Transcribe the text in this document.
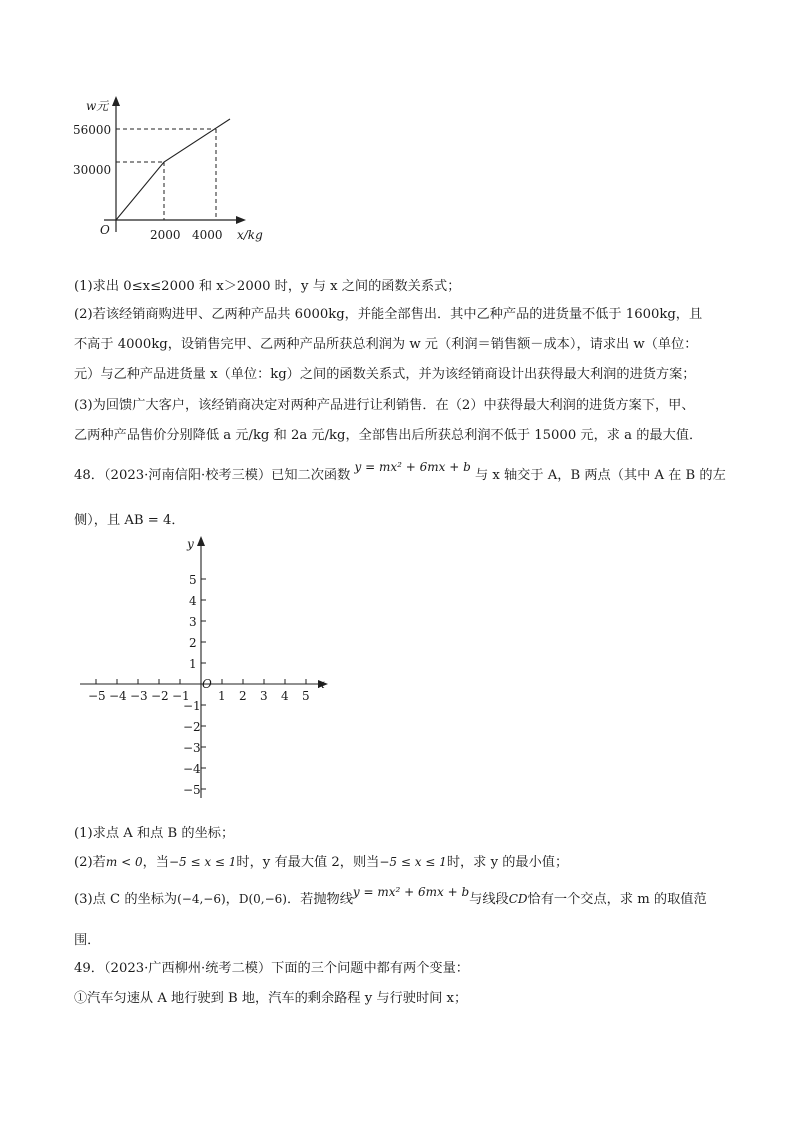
w元
56000
30000
O	2000 4000 x/kg
(1)求出 0≤x≤2000 和 x＞2000 时，y 与 x 之间的函数关系式；
(2)若该经销商购进甲、乙两种产品共 6000kg，并能全部售出．其中乙种产品的进货量不低于 1600kg，且
不高于 4000kg，设销售完甲、乙两种产品所获总利润为 w 元（利润＝销售额－成本），请求出 w（单位：
元）与乙种产品进货量 x（单位：kg）之间的函数关系式，并为该经销商设计出获得最大利润的进货方案；
(3)为回馈广大客户，该经销商决定对两种产品进行让利销售．在（2）中获得最大利润的进货方案下，甲、
乙两种产品售价分别降低 a 元/kg 和 2a 元/kg，全部售出后所获总利润不低于 15000 元，求 a 的最大值．
48．（2023·河南信阳·校考三模）已知二次函数 y = mx² + 6mx + b 与 x 轴交于 A，B 两点（其中 A 在 B 的左
侧），且 AB = 4．
−5 −4 −3 −2 −1 1 2 3 4 5
5
4
3
2
1
−1
−2
−3
−4
−5
O	x
y
(1)求点 A 和点 B 的坐标；
(2)若m < 0，当−5 ≤ x ≤ 1时，y 有最大值 2，则当−5 ≤ x ≤ 1时，求 y 的最小值；
(3)点 C 的坐标为(−4,−6)，D(0,−6)．若抛物线y = mx² + 6mx + b与线段CD恰有一个交点，求 m 的取值范
围．
49．（2023·广西柳州·统考二模）下面的三个问题中都有两个变量：
①汽车匀速从 A 地行驶到 B 地，汽车的剩余路程 y 与行驶时间 x；
